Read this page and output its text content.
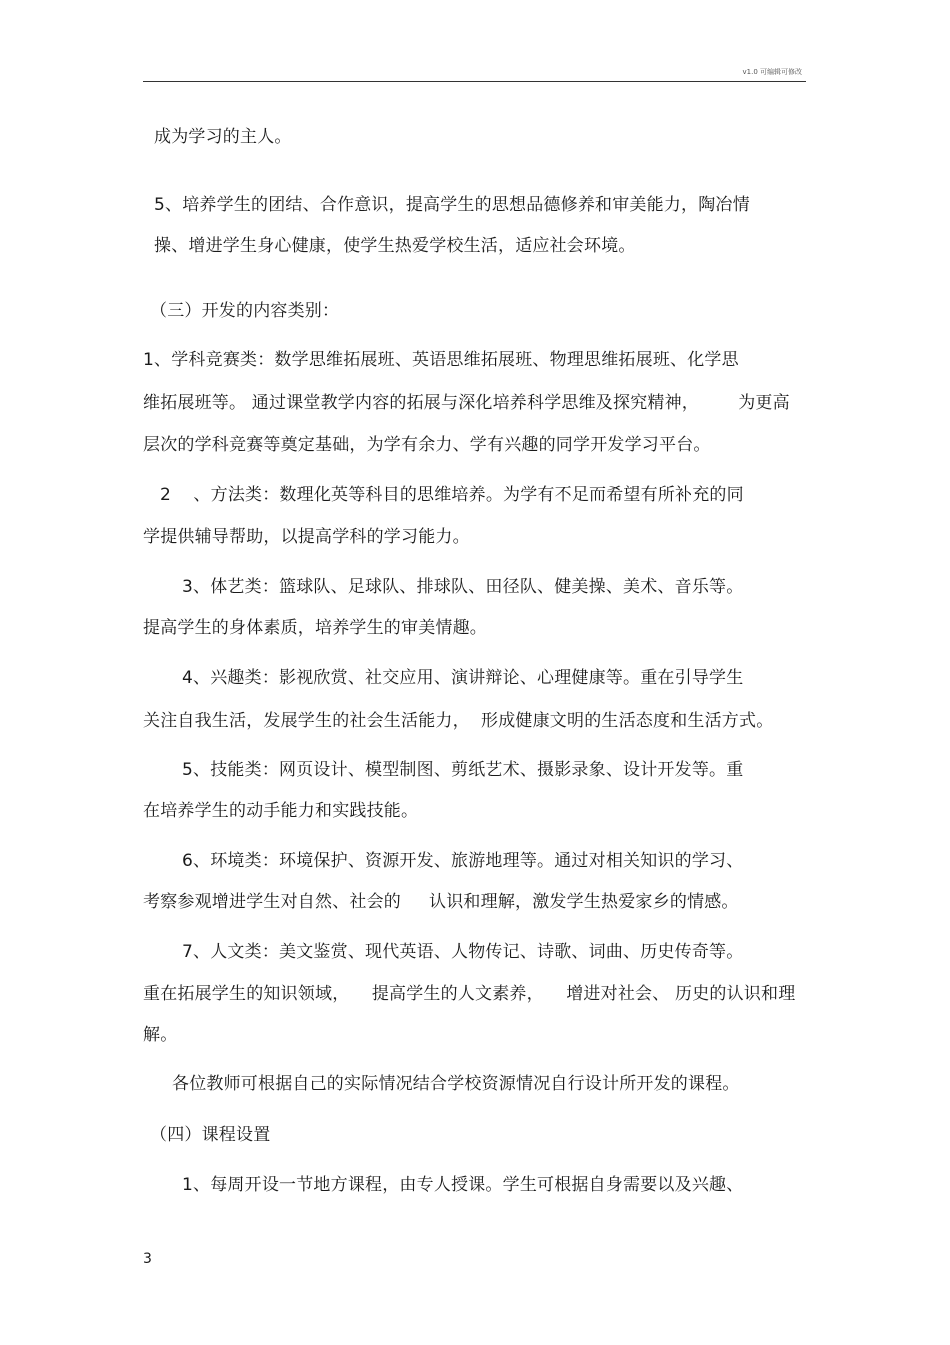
v1.0 可编辑可修改
成为学习的主人。
5、培养学生的团结、合作意识，提高学生的思想品德修养和审美能力，陶冶情
操、增进学生身心健康，使学生热爱学校生活，适应社会环境。
（三）开发的内容类别：
1、学科竞赛类：数学思维拓展班、英语思维拓展班、物理思维拓展班、化学思
维拓展班等。 通过课堂教学内容的拓展与深化培养科学思维及探究精神，       为更高
层次的学科竞赛等奠定基础，为学有余力、学有兴趣的同学开发学习平台。
2    、方法类：数理化英等科目的思维培养。为学有不足而希望有所补充的同
学提供辅导帮助，以提高学科的学习能力。
3、体艺类：篮球队、足球队、排球队、田径队、健美操、美术、音乐等。
提高学生的身体素质，培养学生的审美情趣。
4、兴趣类：影视欣赏、社交应用、演讲辩论、心理健康等。重在引导学生
关注自我生活，发展学生的社会生活能力，  形成健康文明的生活态度和生活方式。
5、技能类：网页设计、模型制图、剪纸艺术、摄影录象、设计开发等。重
在培养学生的动手能力和实践技能。
6、环境类：环境保护、资源开发、旅游地理等。通过对相关知识的学习、
考察参观增进学生对自然、社会的     认识和理解，激发学生热爱家乡的情感。
7、人文类：美文鉴赏、现代英语、人物传记、诗歌、词曲、历史传奇等。
重在拓展学生的知识领域，    提高学生的人文素养，    增进对社会、 历史的认识和理
解。
各位教师可根据自己的实际情况结合学校资源情况自行设计所开发的课程。
（四）课程设置
1、每周开设一节地方课程，由专人授课。学生可根据自身需要以及兴趣、
3
